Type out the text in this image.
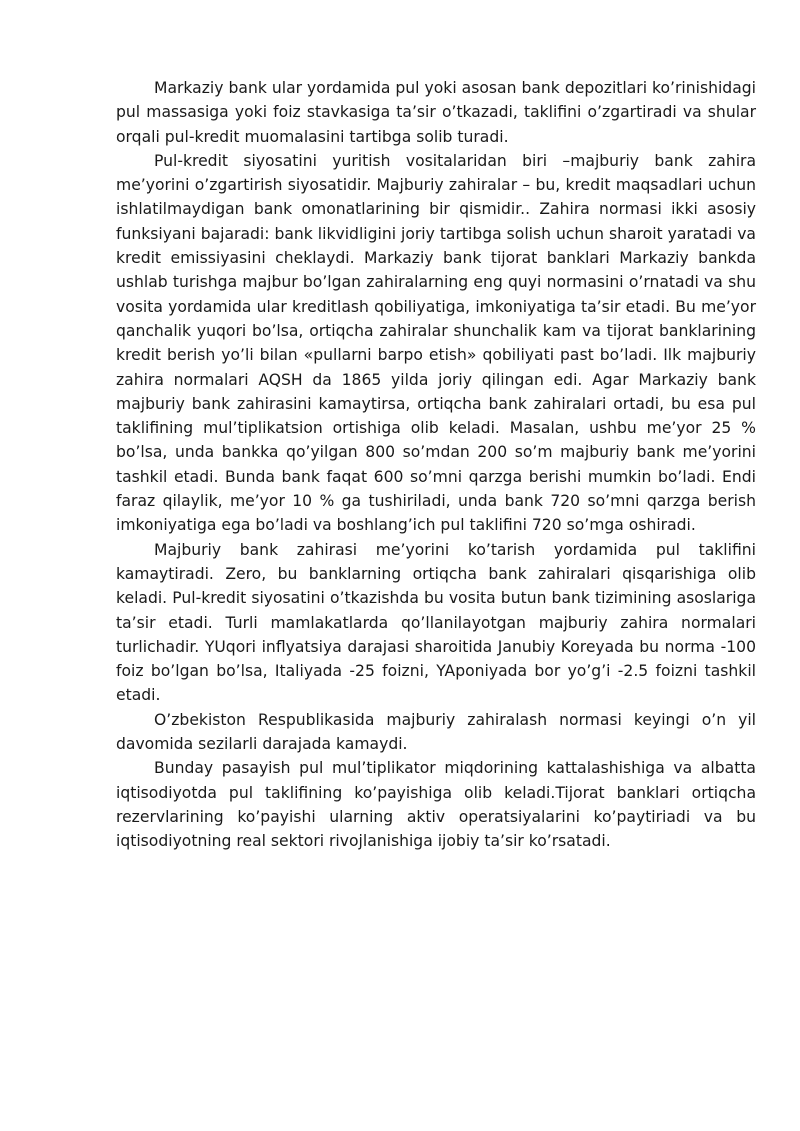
Markaziy bank ular yordamida pul yoki asosan bank depozitlari ko’rinishidagi pul massasiga yoki foiz stavkasiga ta’sir o’tkazadi, taklifini o’zgartiradi va shular orqali pul-kredit muomalasini tartibga solib turadi.

Pul-kredit siyosatini yuritish vositalaridan biri –majburiy bank zahira me’yorini o’zgartirish siyosatidir. Majburiy zahiralar – bu, kredit maqsadlari uchun ishlatilmaydigan bank omonatlarining bir qismidir.. Zahira normasi ikki asosiy funksiyani bajaradi: bank likvidligini joriy tartibga solish uchun sharoit yaratadi va kredit emissiyasini cheklaydi. Markaziy bank tijorat banklari Markaziy bankda ushlab turishga majbur bo’lgan zahiralarning eng quyi normasini o’rnatadi va shu vosita yordamida ular kreditlash qobiliyatiga, imkoniyatiga ta’sir etadi. Bu me’yor qanchalik yuqori bo’lsa, ortiqcha zahiralar shunchalik kam va tijorat banklarining kredit berish yo’li bilan «pullarni barpo etish» qobiliyati past bo’ladi. Ilk majburiy zahira normalari AQSH da 1865 yilda joriy qilingan edi. Agar Markaziy bank majburiy bank zahirasini kamaytirsa, ortiqcha bank zahiralari ortadi, bu esa pul taklifining mul’tiplikatsion ortishiga olib keladi. Masalan, ushbu me’yor 25 % bo’lsa, unda bankka qo’yilgan 800 so’mdan 200 so’m majburiy bank me’yorini tashkil etadi. Bunda bank faqat 600 so’mni qarzga berishi mumkin bo’ladi. Endi faraz qilaylik, me’yor 10 % ga tushiriladi, unda bank 720 so’mni qarzga berish imkoniyatiga ega bo’ladi va boshlang’ich pul taklifini 720 so’mga oshiradi.

Majburiy bank zahirasi me’yorini ko’tarish yordamida pul taklifini kamaytiradi. Zero, bu banklarning ortiqcha bank zahiralari qisqarishiga olib keladi. Pul-kredit siyosatini o’tkazishda bu vosita butun bank tizimining asoslariga ta’sir etadi. Turli mamlakatlarda qo’llanilayotgan majburiy zahira normalari turlichadir. YUqori inflyatsiya darajasi sharoitida Janubiy Koreyada bu norma -100 foiz bo’lgan bo’lsa, Italiyada -25 foizni, YAponiyada bor yo’g’i -2.5 foizni tashkil etadi.

O’zbekiston Respublikasida majburiy zahiralash normasi keyingi o’n yil davomida sezilarli darajada kamaydi.

Bunday pasayish pul mul’tiplikator miqdorining kattalashishiga va albatta iqtisodiyotda pul taklifining ko’payishiga olib keladi.Tijorat banklari ortiqcha rezervlarining ko’payishi ularning aktiv operatsiyalarini ko’paytiriadi va bu iqtisodiyotning real sektori rivojlanishiga ijobiy ta’sir ko’rsatadi.
